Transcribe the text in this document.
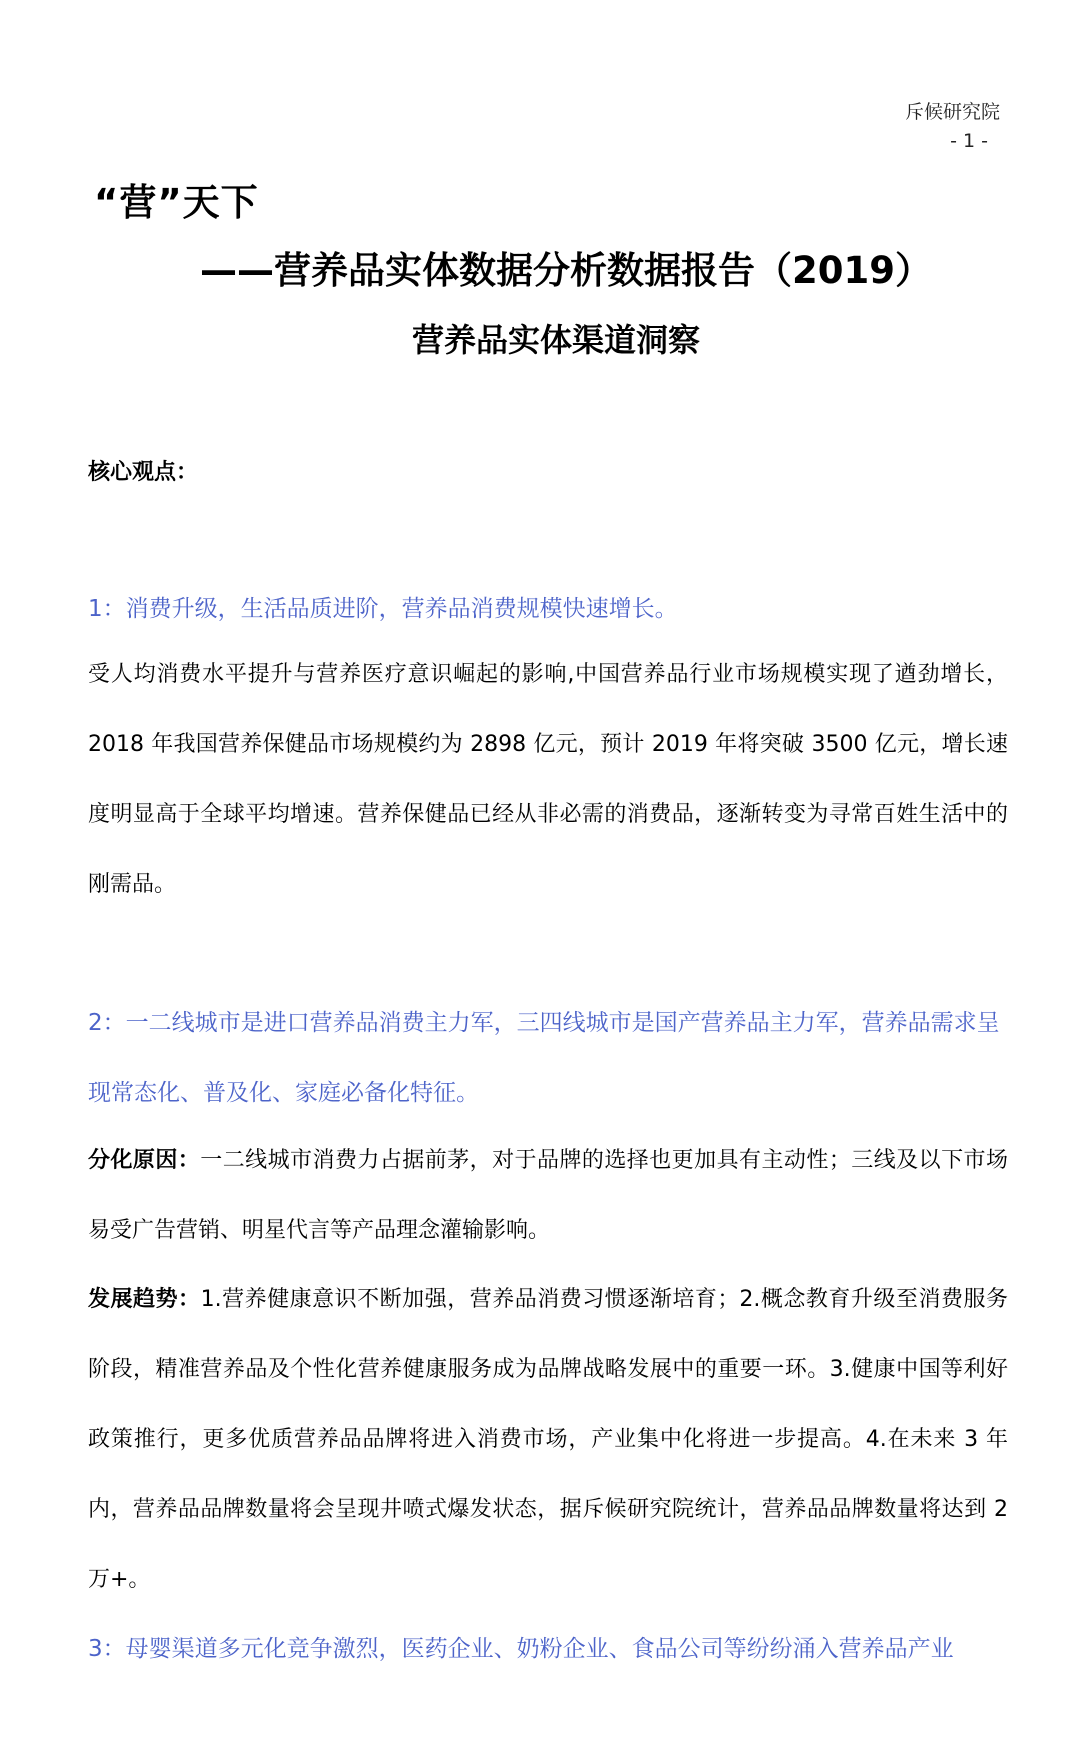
斥候研究院
- 1 -
“营”天下
——营养品实体数据分析数据报告（2019）
营养品实体渠道洞察
核心观点：
1：消费升级，生活品质进阶，营养品消费规模快速增长。
受人均消费水平提升与营养医疗意识崛起的影响,中国营养品行业市场规模实现了遒劲增长，2018 年我国营养保健品市场规模约为 2898 亿元，预计 2019 年将突破 3500 亿元，增长速度明显高于全球平均增速。营养保健品已经从非必需的消费品，逐渐转变为寻常百姓生活中的刚需品。
2：一二线城市是进口营养品消费主力军，三四线城市是国产营养品主力军，营养品需求呈现常态化、普及化、家庭必备化特征。
分化原因：一二线城市消费力占据前茅，对于品牌的选择也更加具有主动性；三线及以下市场易受广告营销、明星代言等产品理念灌输影响。
发展趋势：1.营养健康意识不断加强，营养品消费习惯逐渐培育；2.概念教育升级至消费服务阶段，精准营养品及个性化营养健康服务成为品牌战略发展中的重要一环。3.健康中国等利好政策推行，更多优质营养品品牌将进入消费市场，产业集中化将进一步提高。4.在未来 3 年内，营养品品牌数量将会呈现井喷式爆发状态，据斥候研究院统计，营养品品牌数量将达到 2 万+。
3：母婴渠道多元化竞争激烈，医药企业、奶粉企业、食品公司等纷纷涌入营养品产业
